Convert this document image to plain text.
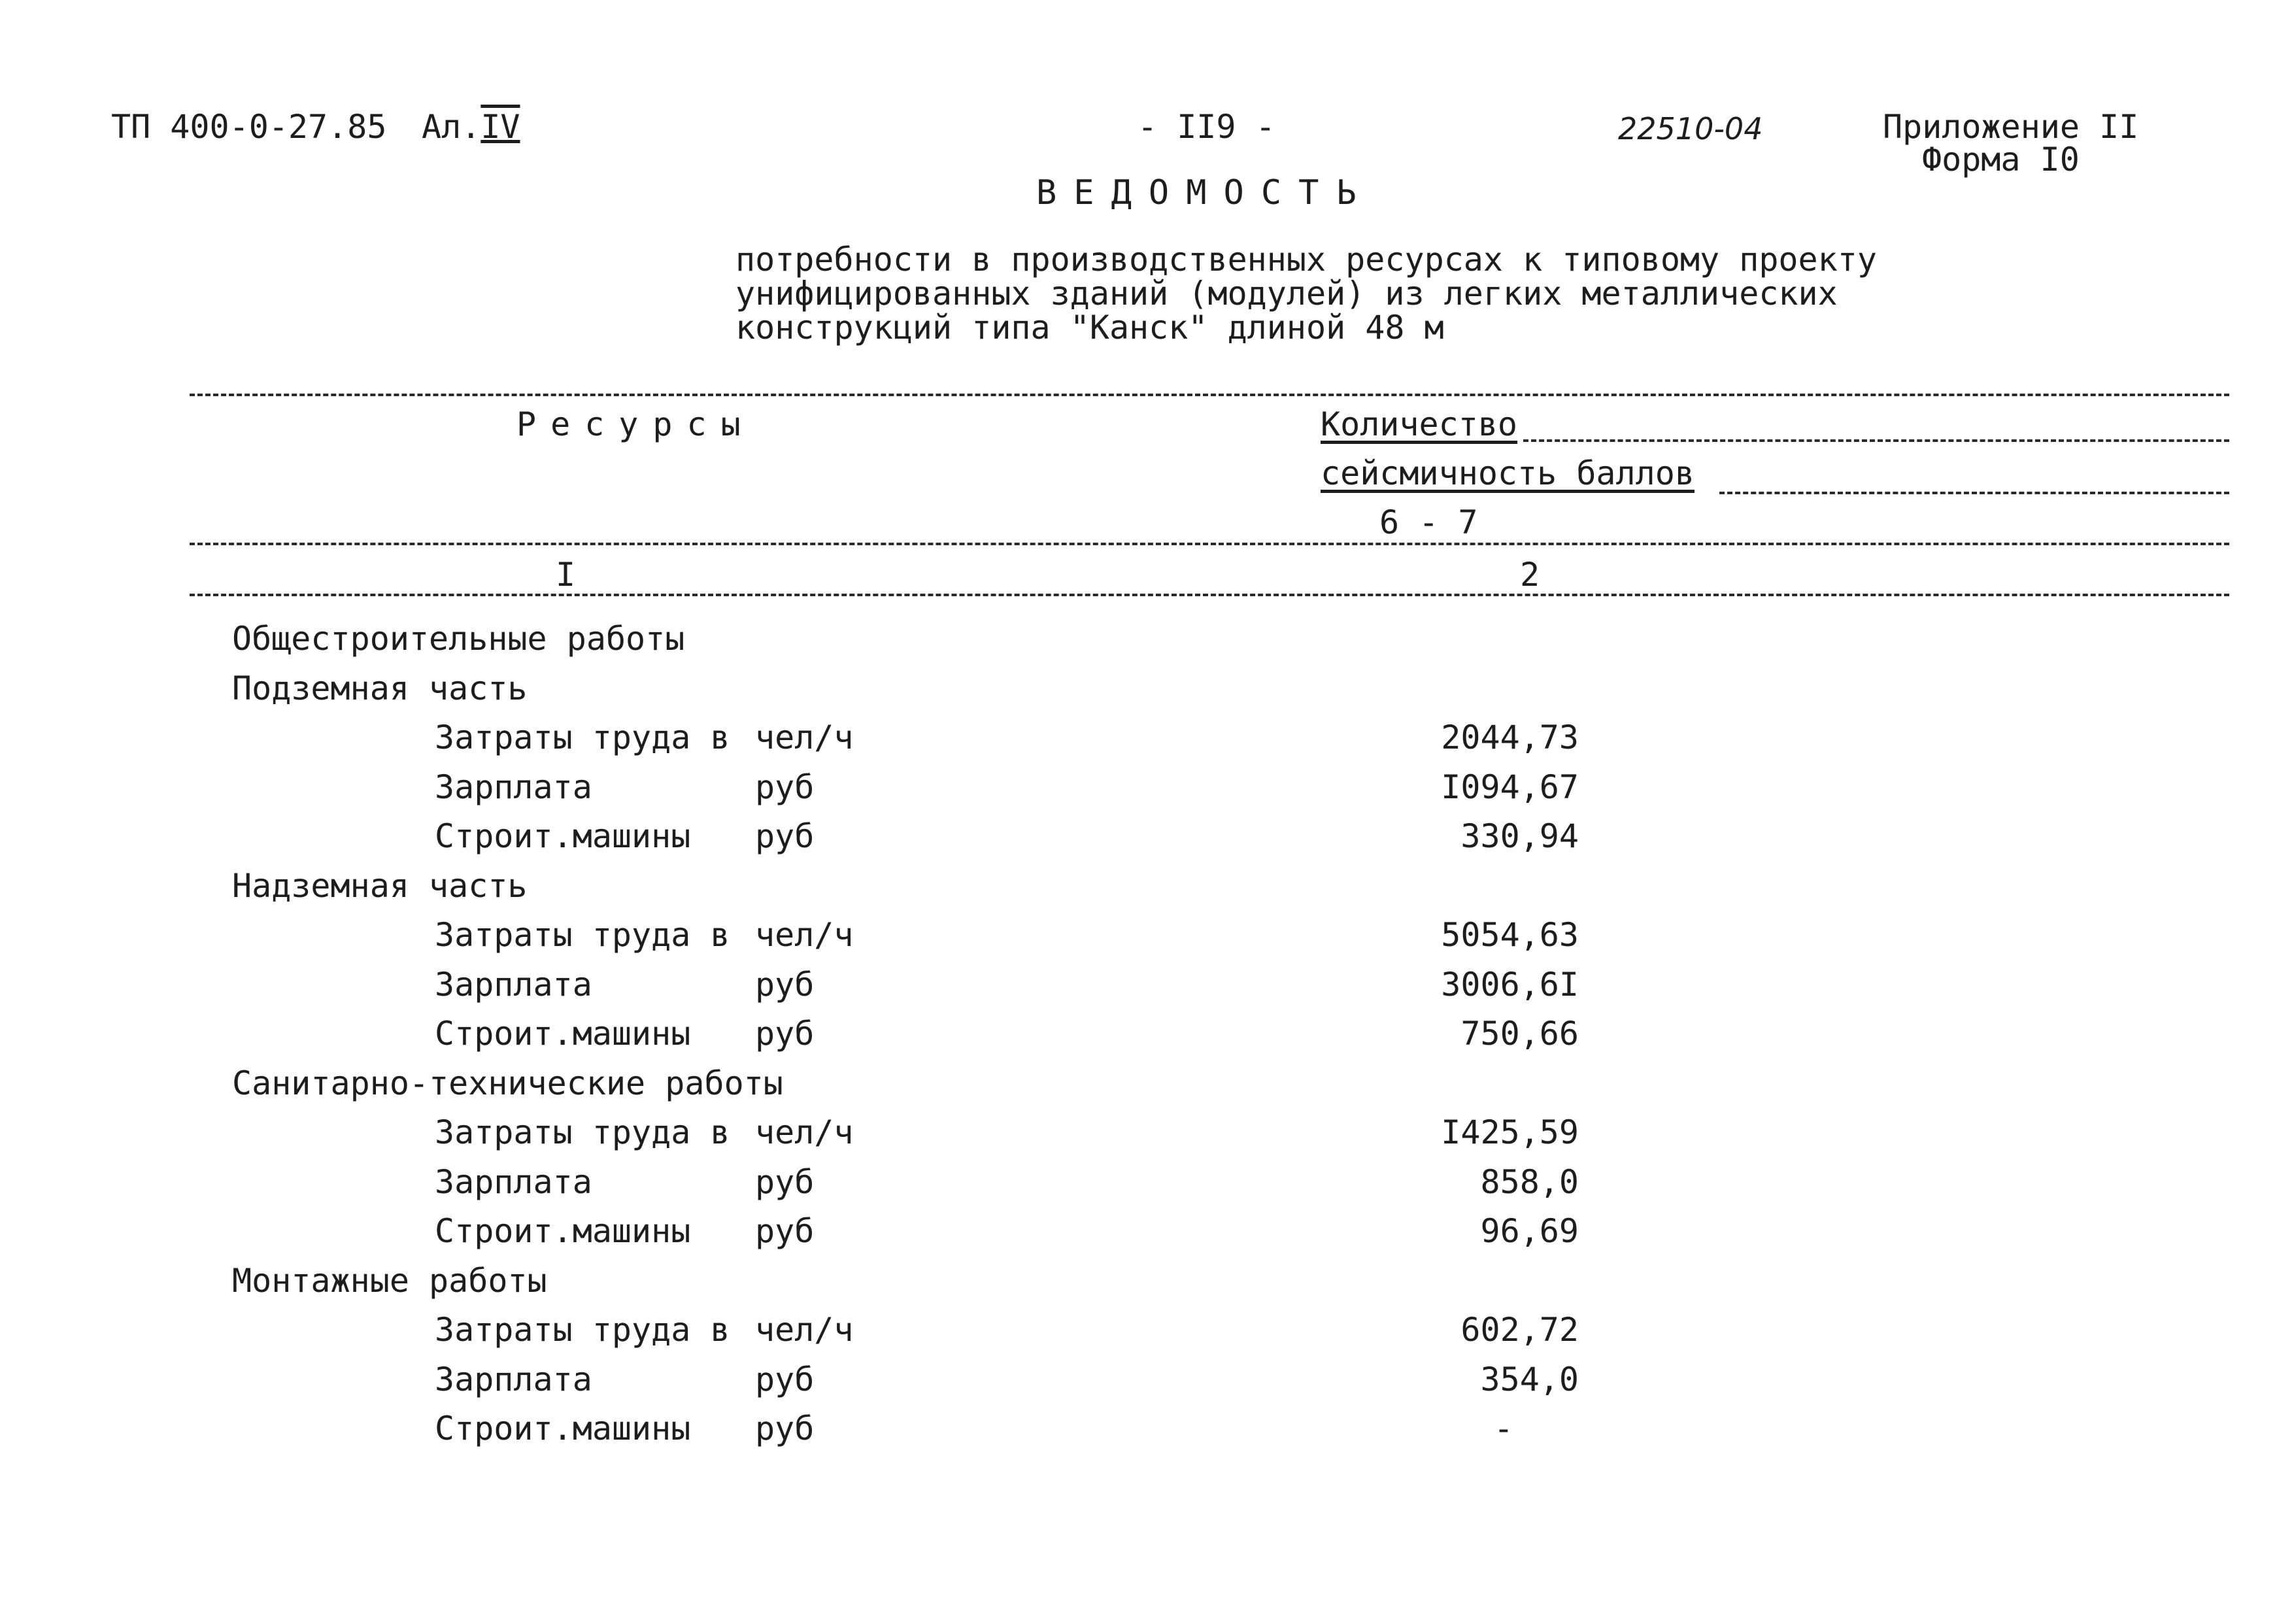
ТП 400-0-27.85 Ал.IV	- II9 -	22510-04	Приложение II
Форма I0
ВЕДОМОСТЬ
потребности в производственных ресурсах к типовому проекту
унифицированных зданий (модулей) из легких металлических
конструкций типа "Канск" длиной 48 м
Ресурсы	Количество
сейсмичность баллов
6 - 7
I	2
Общестроительные работы
Подземная часть
Затраты труда в чел/ч	2044,73
Зарплата	руб	I094,67
Строит.машины руб	330,94
Надземная часть
Затраты труда в чел/ч	5054,63
Зарплата	руб	3006,6I
Строит.машины руб	750,66
Санитарно-технические работы
Затраты труда в чел/ч	I425,59
Зарплата	руб	858,0
Строит.машины руб	96,69
Монтажные работы
Затраты труда в чел/ч	602,72
Зарплата	руб	354,0
Строит.машины руб	-
